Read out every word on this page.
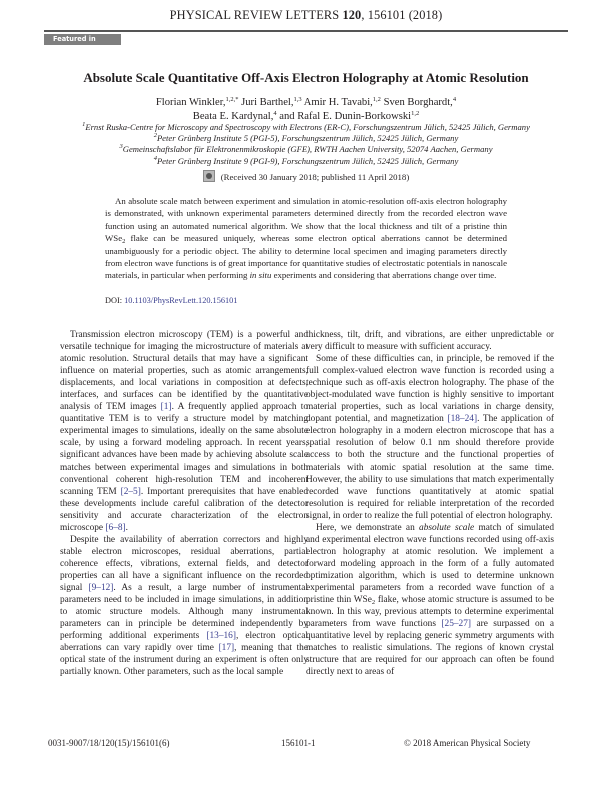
PHYSICAL REVIEW LETTERS 120, 156101 (2018)
Featured in Physics
Absolute Scale Quantitative Off-Axis Electron Holography at Atomic Resolution
Florian Winkler,$^{1,2,*}$ Juri Barthel,$^{1,3}$ Amir H. Tavabi,$^{1,2}$ Sven Borghardt,$^4$
Beata E. Kardynal,$^4$ and Rafal E. Dunin-Borkowski$^{1,2}$
$^1$Ernst Ruska-Centre for Microscopy and Spectroscopy with Electrons (ER-C), Forschungszentrum Jülich, 52425 Jülich, Germany
$^2$Peter Grünberg Institute 5 (PGI-5), Forschungszentrum Jülich, 52425 Jülich, Germany
$^3$Gemeinschaftslabor für Elektronenmikroskopie (GFE), RWTH Aachen University, 52074 Aachen, Germany
$^4$Peter Grünberg Institute 9 (PGI-9), Forschungszentrum Jülich, 52425 Jülich, Germany
(Received 30 January 2018; published 11 April 2018)
An absolute scale match between experiment and simulation in atomic-resolution off-axis electron holography is demonstrated, with unknown experimental parameters determined directly from the recorded electron wave function using an automated numerical algorithm. We show that the local thickness and tilt of a pristine thin WSe$_2$ flake can be measured uniquely, whereas some electron optical aberrations cannot be determined unambiguously for a periodic object. The ability to determine local specimen and imaging parameters directly from electron wave functions is of great importance for quantitative studies of electrostatic potentials in nanoscale materials, in particular when performing in situ experiments and considering that aberrations change over time.
DOI: 10.1103/PhysRevLett.120.156101

Transmission electron microscopy (TEM) is a powerful and versatile technique for imaging the microstructure of materials at atomic resolution. Structural details that may have a significant influence on material properties, such as atomic arrangements, displacements, and local variations in composition at defects, interfaces, and surfaces can be identified by the quantitative analysis of TEM images [1]. A frequently applied approach to quantitative TEM is to verify a structure model by matching experimental images to simulations, ideally on the same absolute scale, by using a forward modeling approach. In recent years, significant advances have been made by achieving absolute scale matches between experimental images and simulations in both conventional coherent high-resolution TEM and incoherent scanning TEM [2–5]. Important prerequisites that have enabled these developments include careful calibration of the detector sensitivity and accurate characterization of the electron microscope [6–8].

Despite the availability of aberration correctors and highly stable electron microscopes, residual aberrations, partial coherence effects, vibrations, external fields, and detector properties can all have a significant influence on the recorded signal [9–12]. As a result, a large number of instrumental parameters need to be included in image simulations, in addition to atomic structure models. Although many instrumental parameters can in principle be determined independently by performing additional experiments [13–16], electron optical aberrations can vary rapidly over time [17], meaning that the optical state of the instrument during an experiment is often only partially known. Other parameters, such as the local sample

thickness, tilt, drift, and vibrations, are either unpredictable or very difficult to measure with sufficient accuracy.

Some of these difficulties can, in principle, be removed if the full complex-valued electron wave function is recorded using a technique such as off-axis electron holography. The phase of the object-modulated wave function is highly sensitive to important material properties, such as local variations in charge density, dopant potential, and magnetization [18–24]. The application of electron holography in a modern electron microscope that has a spatial resolution of below 0.1 nm should therefore provide access to both the structure and the functional properties of materials with atomic spatial resolution at the same time. However, the ability to use simulations that match experimentally recorded wave functions quantitatively at atomic spatial resolution is required for reliable interpretation of the recorded signal, in order to realize the full potential of electron holography.

Here, we demonstrate an absolute scale match of simulated and experimental electron wave functions recorded using off-axis electron holography at atomic resolution. We implement a forward modeling approach in the form of a fully automated optimization algorithm, which is used to determine unknown experimental parameters from a recorded wave function of a pristine thin WSe$_2$ flake, whose atomic structure is assumed to be known. In this way, previous attempts to determine experimental parameters from wave functions [25–27] are surpassed on a quantitative level by replacing generic symmetry arguments with matches to realistic simulations. The regions of known crystal structure that are required for our approach can often be found directly next to areas of

0031-9007/18/120(15)/156101(6)	156101-1	© 2018 American Physical Society
